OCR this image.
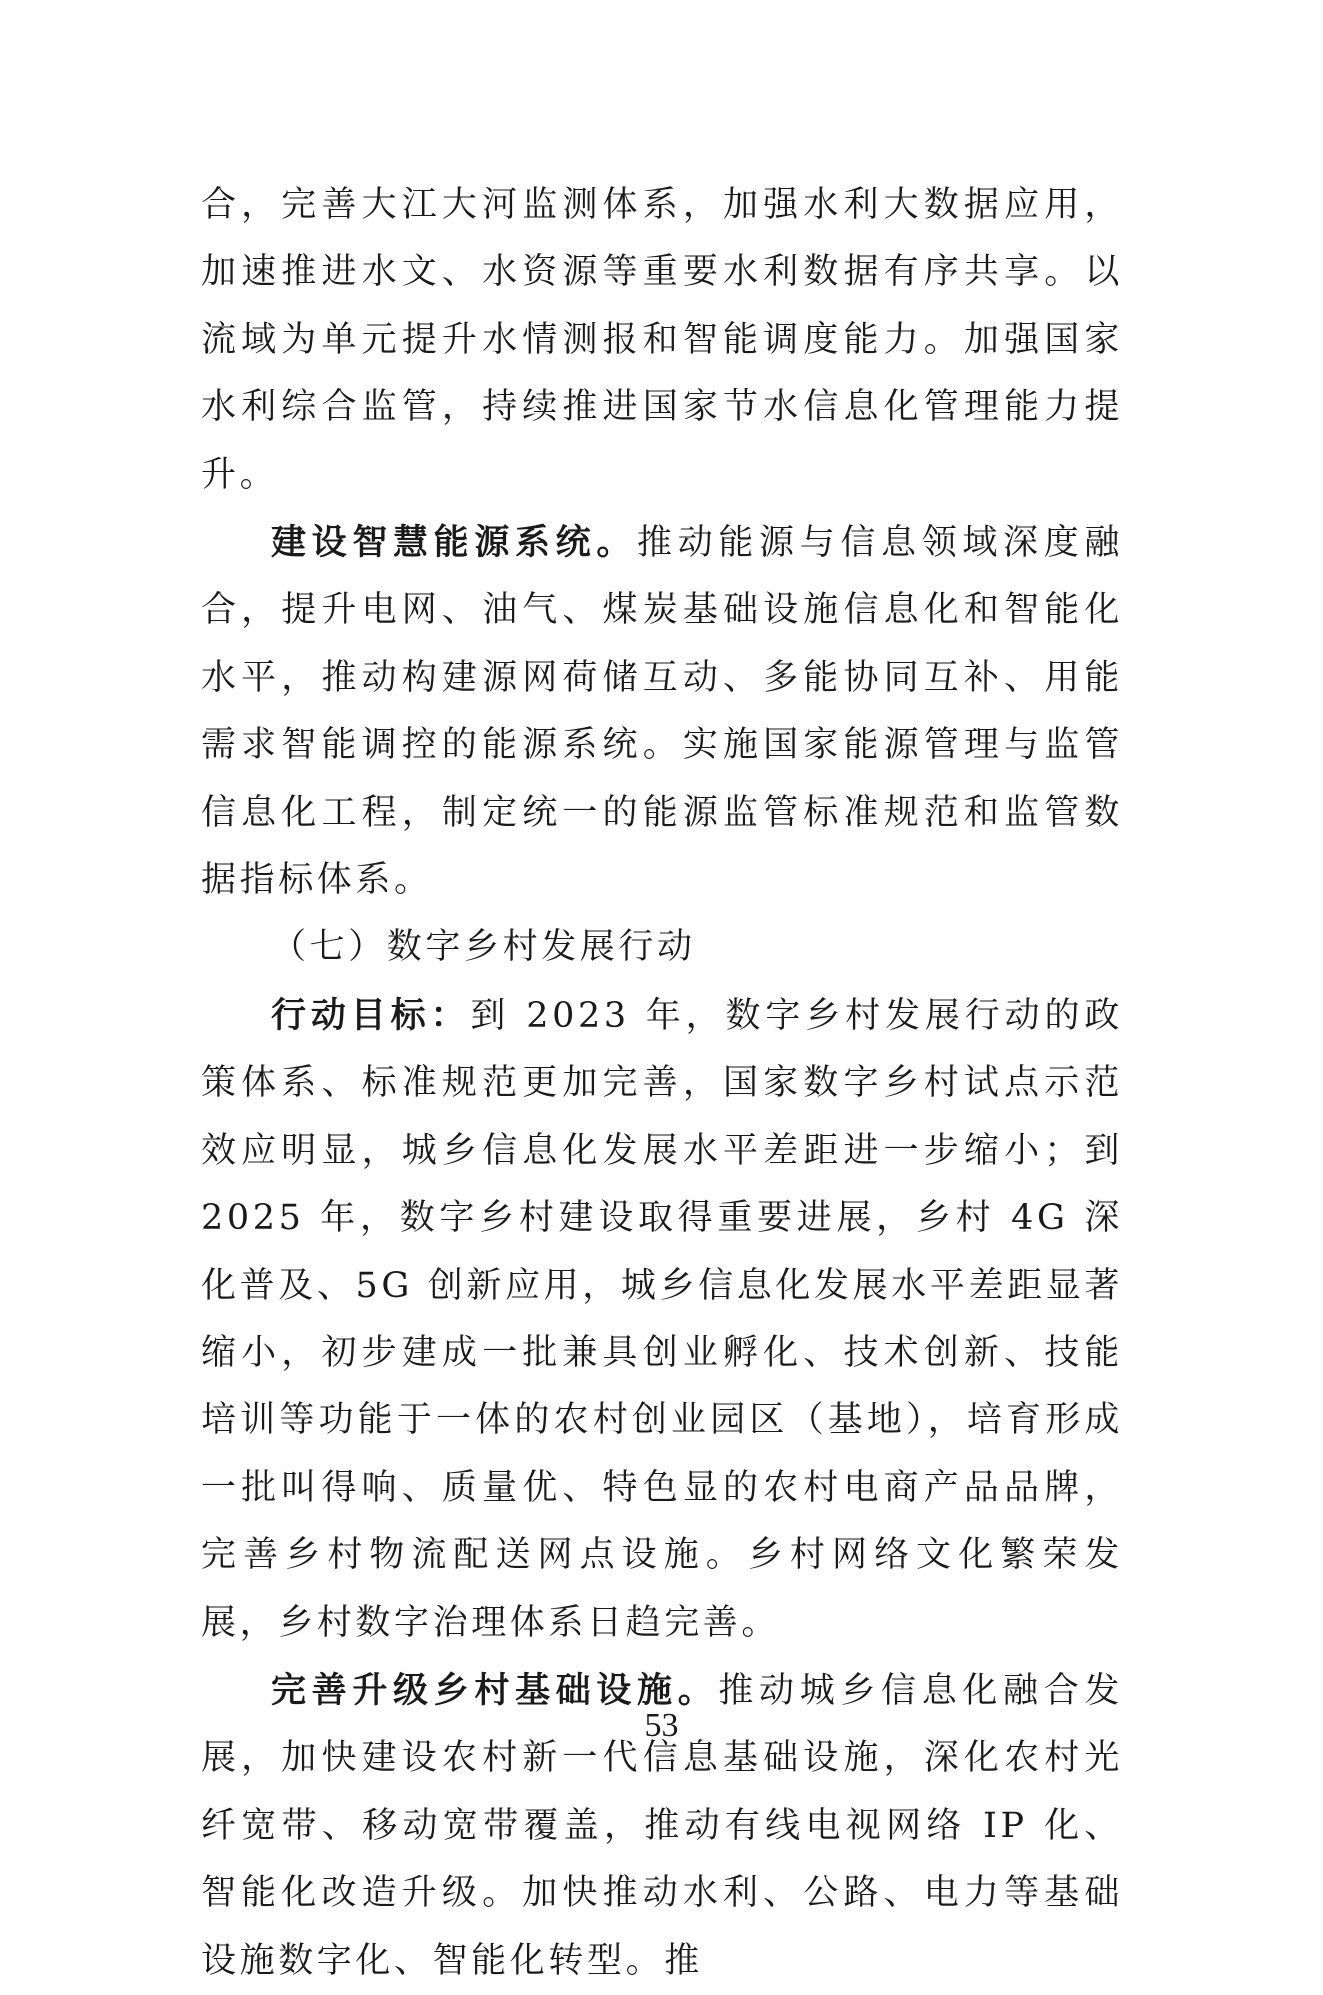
合，完善大江大河监测体系，加强水利大数据应用，加速推进水文、水资源等重要水利数据有序共享。以流域为单元提升水情测报和智能调度能力。加强国家水利综合监管，持续推进国家节水信息化管理能力提升。

建设智慧能源系统。推动能源与信息领域深度融合，提升电网、油气、煤炭基础设施信息化和智能化水平，推动构建源网荷储互动、多能协同互补、用能需求智能调控的能源系统。实施国家能源管理与监管信息化工程，制定统一的能源监管标准规范和监管数据指标体系。

（七）数字乡村发展行动

行动目标：到 2023 年，数字乡村发展行动的政策体系、标准规范更加完善，国家数字乡村试点示范效应明显，城乡信息化发展水平差距进一步缩小；到 2025 年，数字乡村建设取得重要进展，乡村 4G 深化普及、5G 创新应用，城乡信息化发展水平差距显著缩小，初步建成一批兼具创业孵化、技术创新、技能培训等功能于一体的农村创业园区（基地），培育形成一批叫得响、质量优、特色显的农村电商产品品牌，完善乡村物流配送网点设施。乡村网络文化繁荣发展，乡村数字治理体系日趋完善。

完善升级乡村基础设施。推动城乡信息化融合发展，加快建设农村新一代信息基础设施，深化农村光纤宽带、移动宽带覆盖，推动有线电视网络 IP 化、智能化改造升级。加快推动水利、公路、电力等基础设施数字化、智能化转型。推

53
